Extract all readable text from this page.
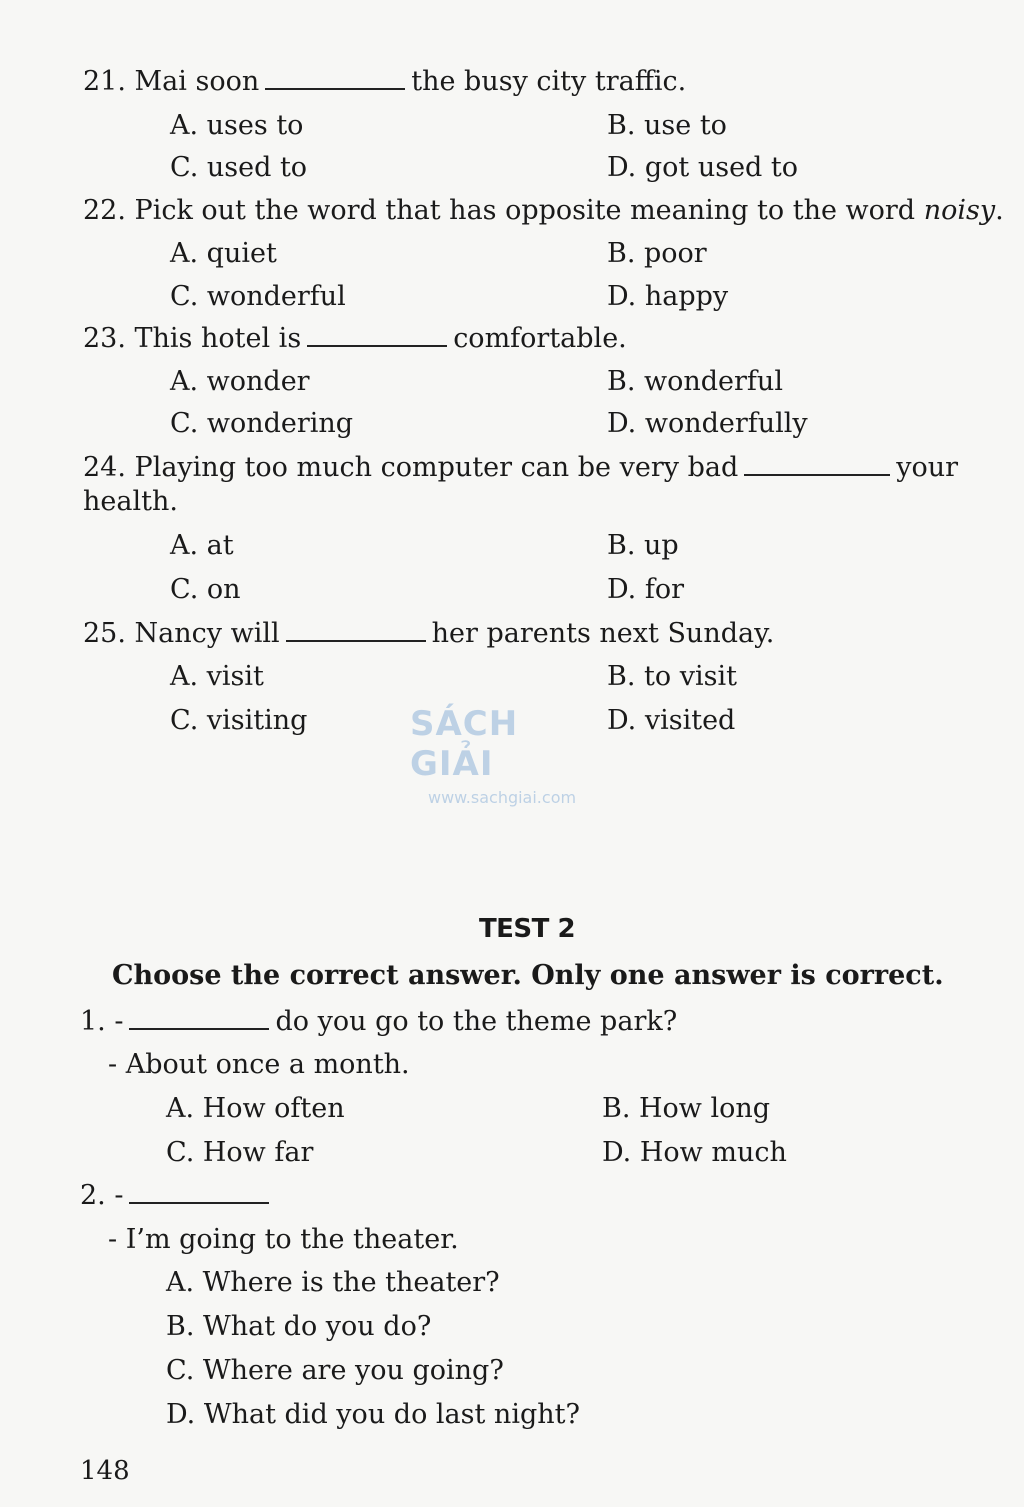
21. Mai soon	the busy city traffic.
A. uses to	B. use to
C. used to	D. got used to
22. Pick out the word that has opposite meaning to the word noisy.
A. quiet	B. poor
C. wonderful	D. happy
23. This hotel is	comfortable.
A. wonder	B. wonderful
C. wondering	D. wonderfully
24. Playing too much computer can be very bad	your
health.
A. at	B. up
C. on	D. for
25. Nancy will	her parents next Sunday.
A. visit	B. to visit
C. visiting	D. visited
SÁCH GIẢI
www.sachgiai.com
TEST 2
Choose the correct answer. Only one answer is correct.
1. -	do you go to the theme park?
- About once a month.
A. How often	B. How long
C. How far	D. How much
2. -
- I’m going to the theater.
A. Where is the theater?
B. What do you do?
C. Where are you going?
D. What did you do last night?
148
